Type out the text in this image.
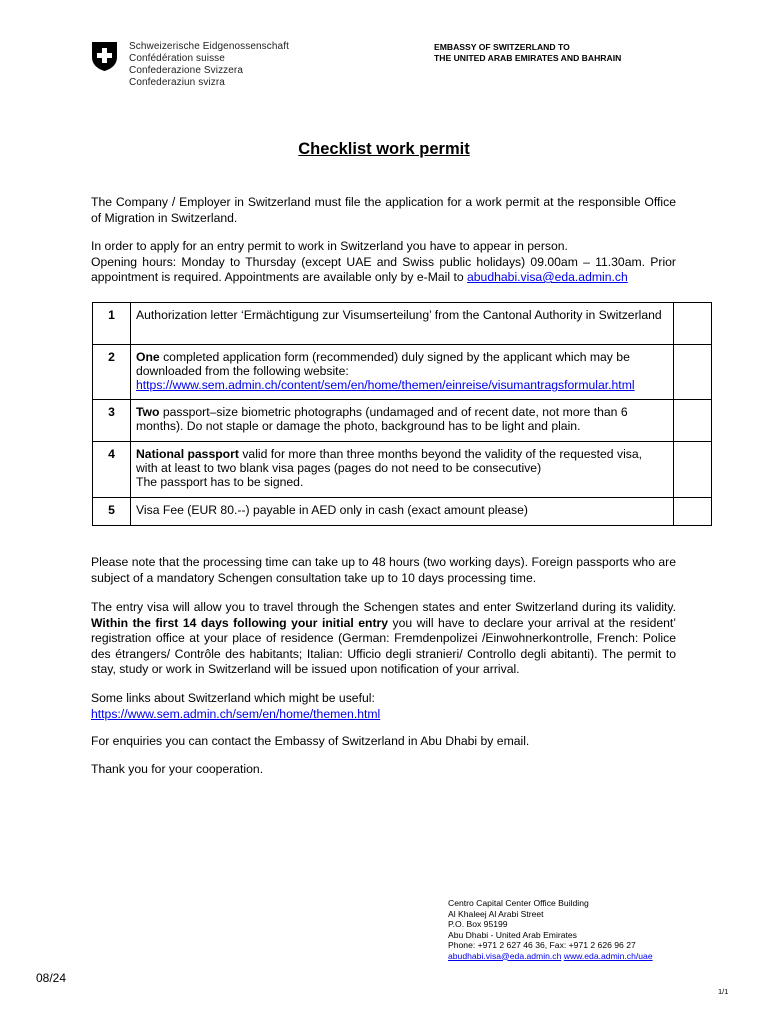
Schweizerische Eidgenossenschaft
Confédération suisse
Confederazione Svizzera
Confederaziun svizra
EMBASSY OF SWITZERLAND TO
THE UNITED ARAB EMIRATES AND BAHRAIN
Checklist work permit
The Company / Employer in Switzerland must file the application for a work permit at the responsible Office of Migration in Switzerland.
In order to apply for an entry permit to work in Switzerland you have to appear in person.
Opening hours: Monday to Thursday (except UAE and Swiss public holidays) 09.00am – 11.30am. Prior appointment is required. Appointments are available only by e-Mail to abudhabi.visa@eda.admin.ch
1	Authorization letter ‘Ermächtigung zur Visumserteilung’ from the Cantonal Authority in Switzerland	
2	One completed application form (recommended) duly signed by the applicant which may be downloaded from the following website:
https://www.sem.admin.ch/content/sem/en/home/themen/einreise/visumantragsformular.html	
3	Two passport–size biometric photographs (undamaged and of recent date, not more than 6 months). Do not staple or damage the photo, background has to be light and plain.	
4	National passport valid for more than three months beyond the validity of the requested visa, with at least to two blank visa pages (pages do not need to be consecutive)
The passport has to be signed.	
5	Visa Fee (EUR 80.--) payable in AED only in cash (exact amount please)	
Please note that the processing time can take up to 48 hours (two working days). Foreign passports who are subject of a mandatory Schengen consultation take up to 10 days processing time.
The entry visa will allow you to travel through the Schengen states and enter Switzerland during its validity. Within the first 14 days following your initial entry you will have to declare your arrival at the resident’ registration office at your place of residence (German: Fremdenpolizei /Einwohnerkontrolle, French: Police des étrangers/ Contrôle des habitants; Italian: Ufficio degli stranieri/ Controllo degli abitanti). The permit to stay, study or work in Switzerland will be issued upon notification of your arrival.
Some links about Switzerland which might be useful:
https://www.sem.admin.ch/sem/en/home/themen.html
For enquiries you can contact the Embassy of Switzerland in Abu Dhabi by email.
Thank you for your cooperation.
Centro Capital Center Office Building
Al Khaleej Al Arabi Street
P.O. Box 95199
Abu Dhabi - United Arab Emirates
Phone: +971 2 627 46 36, Fax: +971 2 626 96 27
abudhabi.visa@eda.admin.ch www.eda.admin.ch/uae
08/24
1/1
